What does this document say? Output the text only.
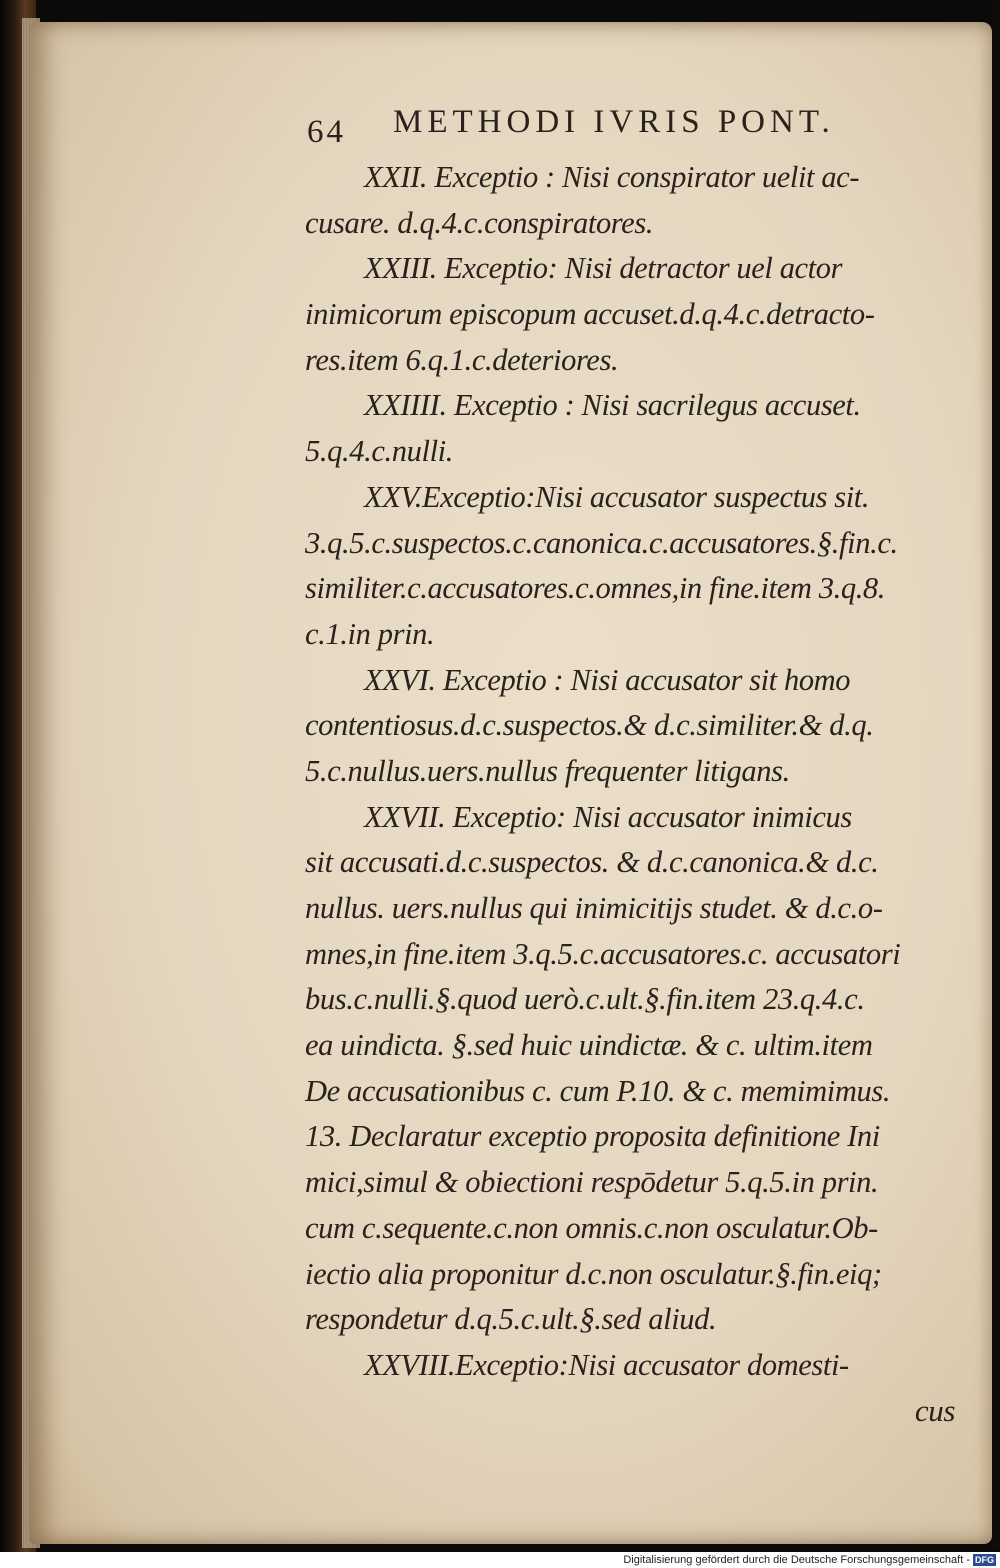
64 METHODI IVRIS PONT.
XXII. Exceptio : Nisi conspirator uelit ac-
cusare. d.q.4.c.conspiratores.
XXIII. Exceptio: Nisi detractor uel actor
inimicorum episcopum accuset.d.q.4.c.detracto-
res.item 6.q.1.c.deteriores.
XXIIII. Exceptio : Nisi sacrilegus accuset.
5.q.4.c.nulli.
XXV.Exceptio:Nisi accusator suspectus sit.
3.q.5.c.suspectos.c.canonica.c.accusatores.§.fin.c.
similiter.c.accusatores.c.omnes,in fine.item 3.q.8.
c.1.in prin.
XXVI. Exceptio : Nisi accusator sit homo
contentiosus.d.c.suspectos.& d.c.similiter.& d.q.
5.c.nullus.uers.nullus frequenter litigans.
XXVII. Exceptio: Nisi accusator inimicus
sit accusati.d.c.suspectos. & d.c.canonica.& d.c.
nullus. uers.nullus qui inimicitijs studet. & d.c.o-
mnes,in fine.item 3.q.5.c.accusatores.c. accusatori
bus.c.nulli.§.quod uerò.c.ult.§.fin.item 23.q.4.c.
ea uindicta. §.sed huic uindictæ. & c. ultim.item
De accusationibus c. cum P.10. & c. memimimus.
13. Declaratur exceptio proposita definitione Ini
mici,simul & obiectioni respōdetur 5.q.5.in prin.
cum c.sequente.c.non omnis.c.non osculatur.Ob-
iectio alia proponitur d.c.non osculatur.§.fin.eiq;
respondetur d.q.5.c.ult.§.sed aliud.
XXVIII.Exceptio:Nisi accusator domesti-
cus
Digitalisierung gefördert durch die Deutsche Forschungsgemeinschaft - DFG
